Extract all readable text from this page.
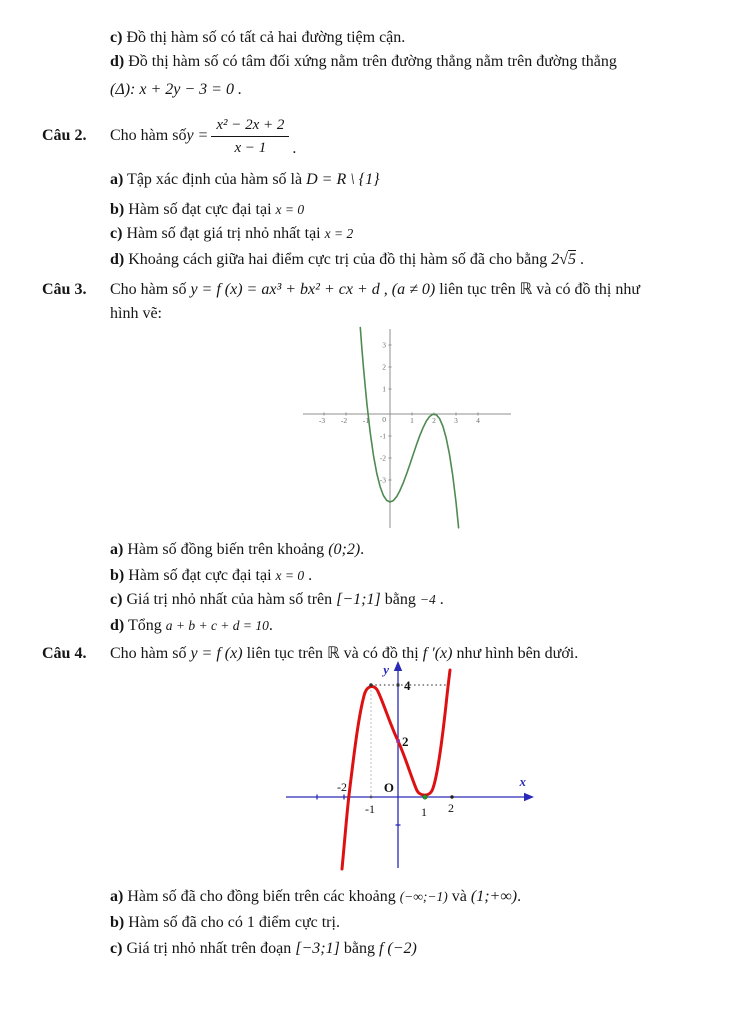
c) Đồ thị hàm số có tất cả hai đường tiệm cận.
d) Đồ thị hàm số có tâm đối xứng nằm trên đường thẳng nằm trên đường thẳng
(Δ): x + 2y − 3 = 0 .
Câu 2. Cho hàm số $y = \frac{\text{x² − 2x + 2}}{x - 1}$ .
a) Tập xác định của hàm số là D = R \ {1}
b) Hàm số đạt cực đại tại x = 0
c) Hàm số đạt giá trị nhỏ nhất tại x = 2
d) Khoảng cách giữa hai điểm cực trị của đồ thị hàm số đã cho bằng 2√5 .
Câu 3. Cho hàm số y = f (x) = ax³ + bx² + cx + d , (a ≠ 0) liên tục trên ℝ và có đồ thị như
hình vẽ:
-3 -2 -1	1 2 3 4
0
3
2
1
-1
-2
-3
a) Hàm số đồng biến trên khoảng (0;2).
b) Hàm số đạt cực đại tại x = 0 .
c) Giá trị nhỏ nhất của hàm số trên [−1;1] bằng −4 .
d) Tổng a + b + c + d = 10.
Câu 4. Cho hàm số y = f (x) liên tục trên ℝ và có đồ thị f ′(x) như hình bên dưới.
y
x
4
2
O
-2
-1	1 2
a) Hàm số đã cho đồng biến trên các khoảng (−∞;−1) và (1;+∞).
b) Hàm số đã cho có 1 điểm cực trị.
c) Giá trị nhỏ nhất trên đoạn [−3;1] bằng f (−2)
